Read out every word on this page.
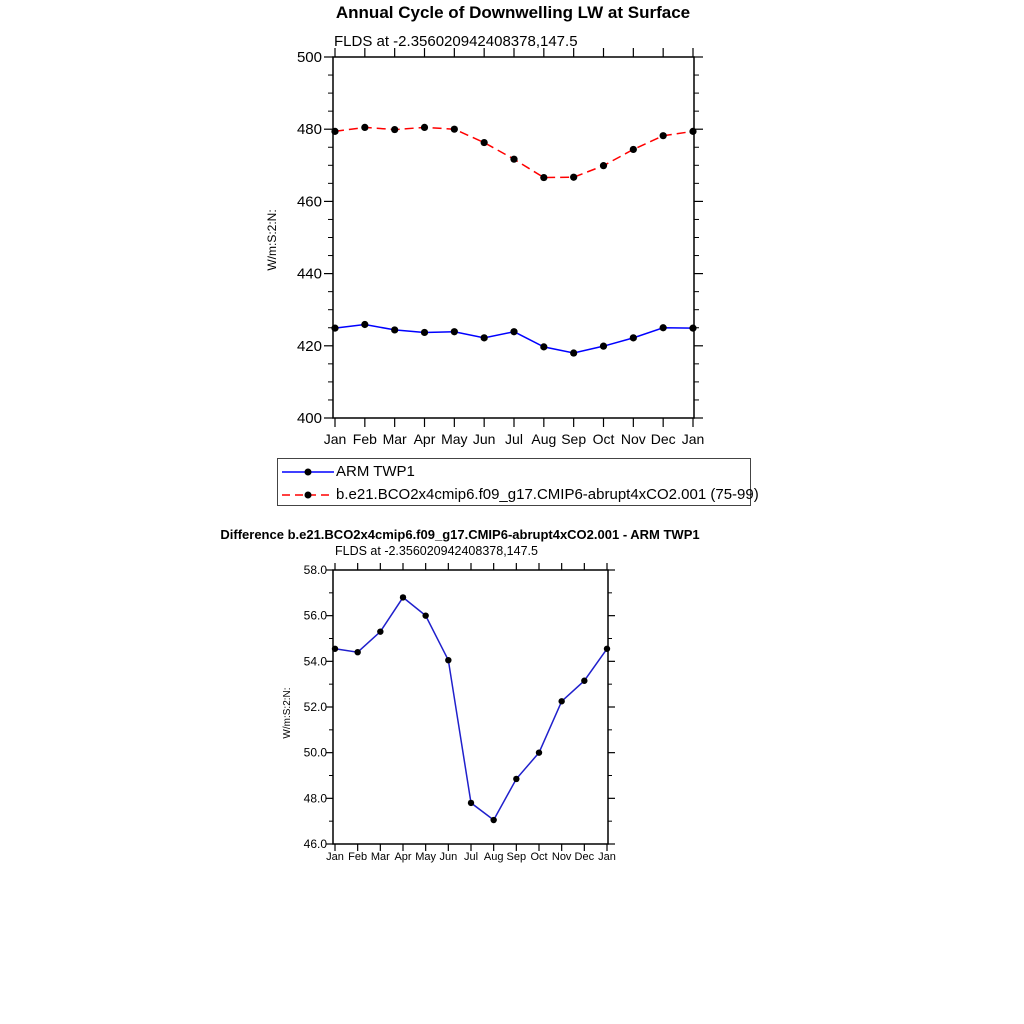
Annual Cycle of Downwelling LW at Surface
FLDS at -2.356020942408378,147.5
W/m:S:2:N:
Difference b.e21.BCO2x4cmip6.f09_g17.CMIP6-abrupt4xCO2.001 - ARM TWP1
FLDS at -2.356020942408378,147.5
W/m:S:2:N:
400
420
440
460
480
500
Jan Feb Mar Apr May Jun Jul Aug Sep Oct Nov Dec Jan
46.0
48.0
50.0
52.0
54.0
56.0
58.0
Jan Feb Mar Apr May Jun Jul Aug Sep Oct Nov Dec Jan
ARM TWP1
b.e21.BCO2x4cmip6.f09_g17.CMIP6-abrupt4xCO2.001 (75-99)
